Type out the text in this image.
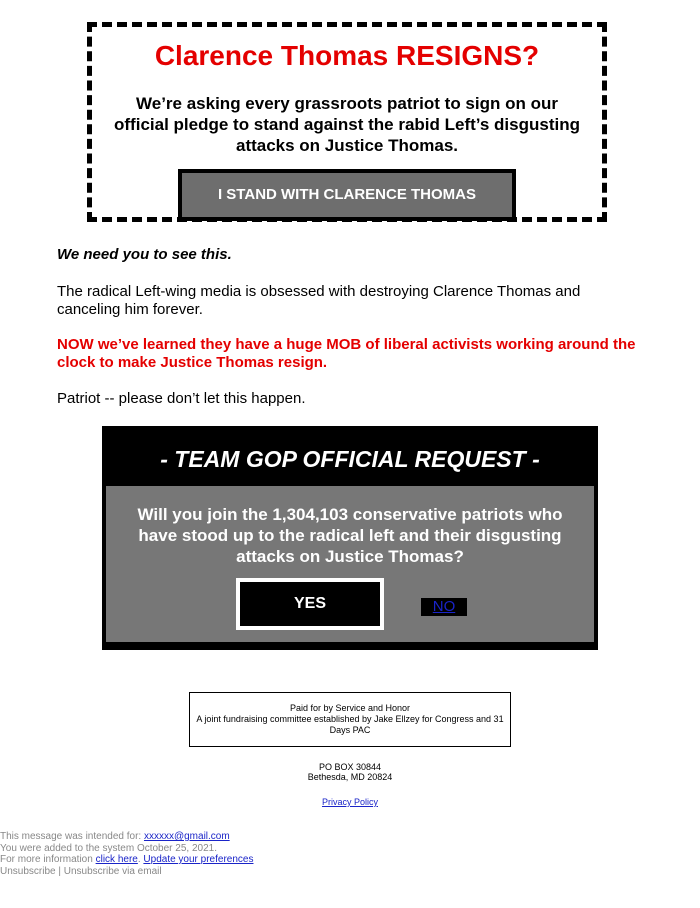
Clarence Thomas RESIGNS?

We’re asking every grassroots patriot to sign on our official pledge to stand against the rabid Left’s disgusting attacks on Justice Thomas.

I STAND WITH CLARENCE THOMAS

We need you to see this.

The radical Left-wing media is obsessed with destroying Clarence Thomas and canceling him forever.

NOW we’ve learned they have a huge MOB of liberal activists working around the clock to make Justice Thomas resign.

Patriot -- please don’t let this happen.

- TEAM GOP OFFICIAL REQUEST -

Will you join the 1,304,103 conservative patriots who have stood up to the radical left and their disgusting attacks on Justice Thomas?

YES	NO
Paid for by Service and Honor
A joint fundraising committee established by Jake Ellzey for Congress and 31 Days PAC
PO BOX 30844
Bethesda, MD 20824
Privacy Policy
This message was intended for: xxxxxx@gmail.com
You were added to the system October 25, 2021.
For more information click here. Update your preferences
Unsubscribe | Unsubscribe via email
